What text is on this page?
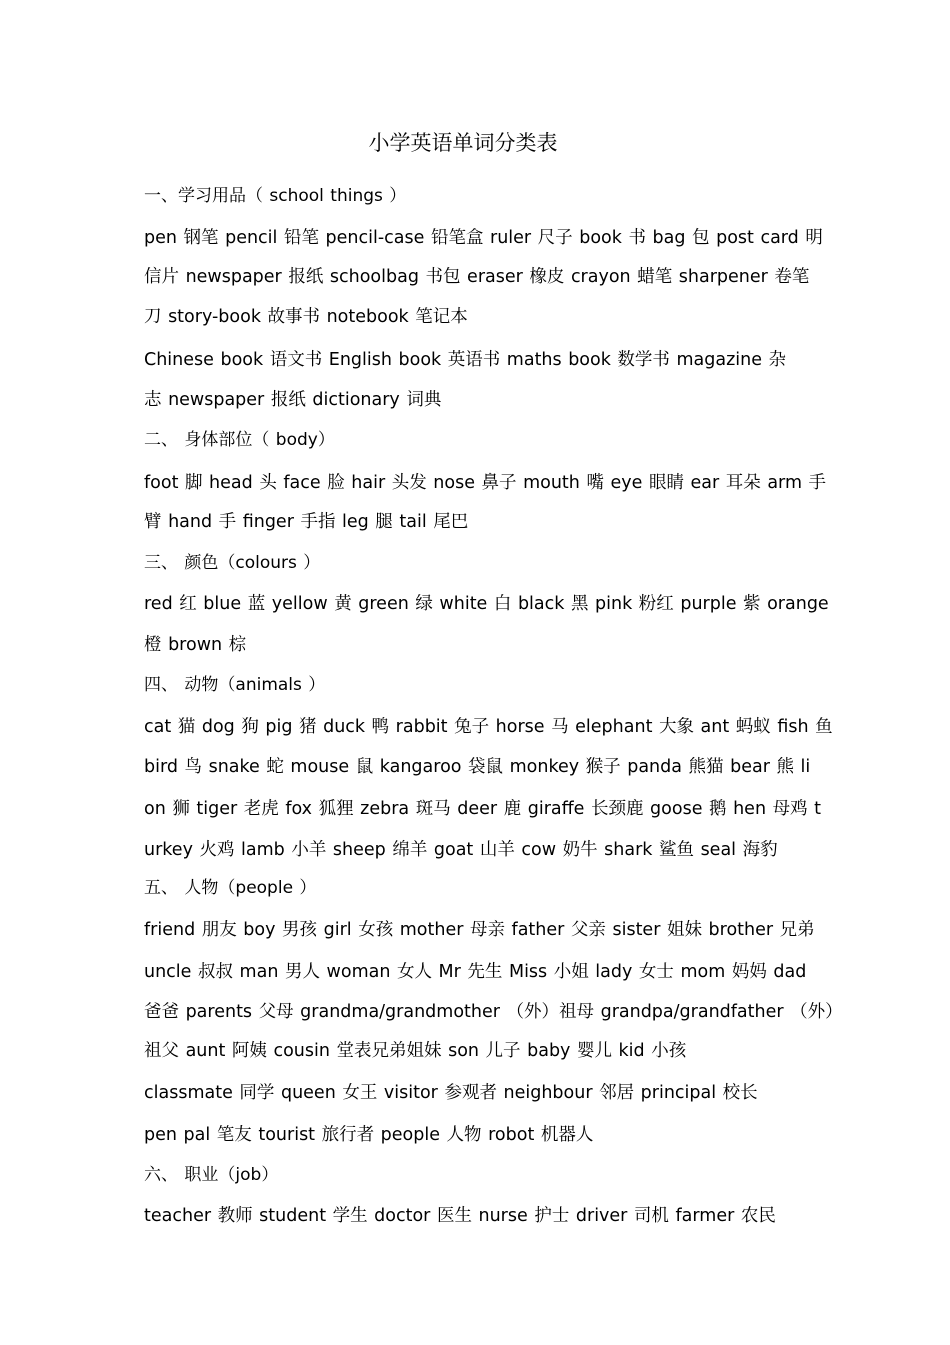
小学英语单词分类表
一、学习用品（ school things ）
pen 钢笔 pencil 铅笔 pencil-case 铅笔盒 ruler 尺子 book 书 bag 包 post card 明
信片 newspaper 报纸 schoolbag 书包 eraser 橡皮 crayon 蜡笔 sharpener 卷笔
刀 story-book 故事书 notebook 笔记本
Chinese book 语文书 English book 英语书 maths book 数学书 magazine 杂
志 newspaper 报纸 dictionary 词典
二、 身体部位（ body）
foot 脚 head 头 face 脸 hair 头发 nose 鼻子 mouth 嘴 eye 眼睛 ear 耳朵 arm 手
臂 hand 手 finger 手指 leg 腿 tail 尾巴
三、 颜色（colours ）
red 红 blue 蓝 yellow 黄 green 绿 white 白 black 黑 pink 粉红 purple 紫 orange
橙 brown 棕
四、 动物（animals ）
cat 猫 dog 狗 pig 猪 duck 鸭 rabbit 兔子 horse 马 elephant 大象 ant 蚂蚁 fish 鱼
bird 鸟 snake 蛇 mouse 鼠 kangaroo 袋鼠 monkey 猴子 panda 熊猫 bear 熊 li
on 狮 tiger 老虎 fox 狐狸 zebra 斑马 deer 鹿 giraffe 长颈鹿 goose 鹅 hen 母鸡 t
urkey 火鸡 lamb 小羊 sheep 绵羊 goat 山羊 cow 奶牛 shark 鲨鱼 seal 海豹
五、 人物（people ）
friend 朋友 boy 男孩 girl 女孩 mother 母亲 father 父亲 sister 姐妹 brother 兄弟
uncle 叔叔 man 男人 woman 女人 Mr 先生 Miss 小姐 lady 女士 mom 妈妈 dad
爸爸 parents 父母 grandma/grandmother （外）祖母 grandpa/grandfather （外）
祖父 aunt 阿姨 cousin 堂表兄弟姐妹 son 儿子 baby 婴儿 kid 小孩
classmate 同学 queen 女王 visitor 参观者 neighbour 邻居 principal 校长
pen pal 笔友 tourist 旅行者 people 人物 robot 机器人
六、 职业（job）
teacher 教师 student 学生 doctor 医生 nurse 护士 driver 司机 farmer 农民
